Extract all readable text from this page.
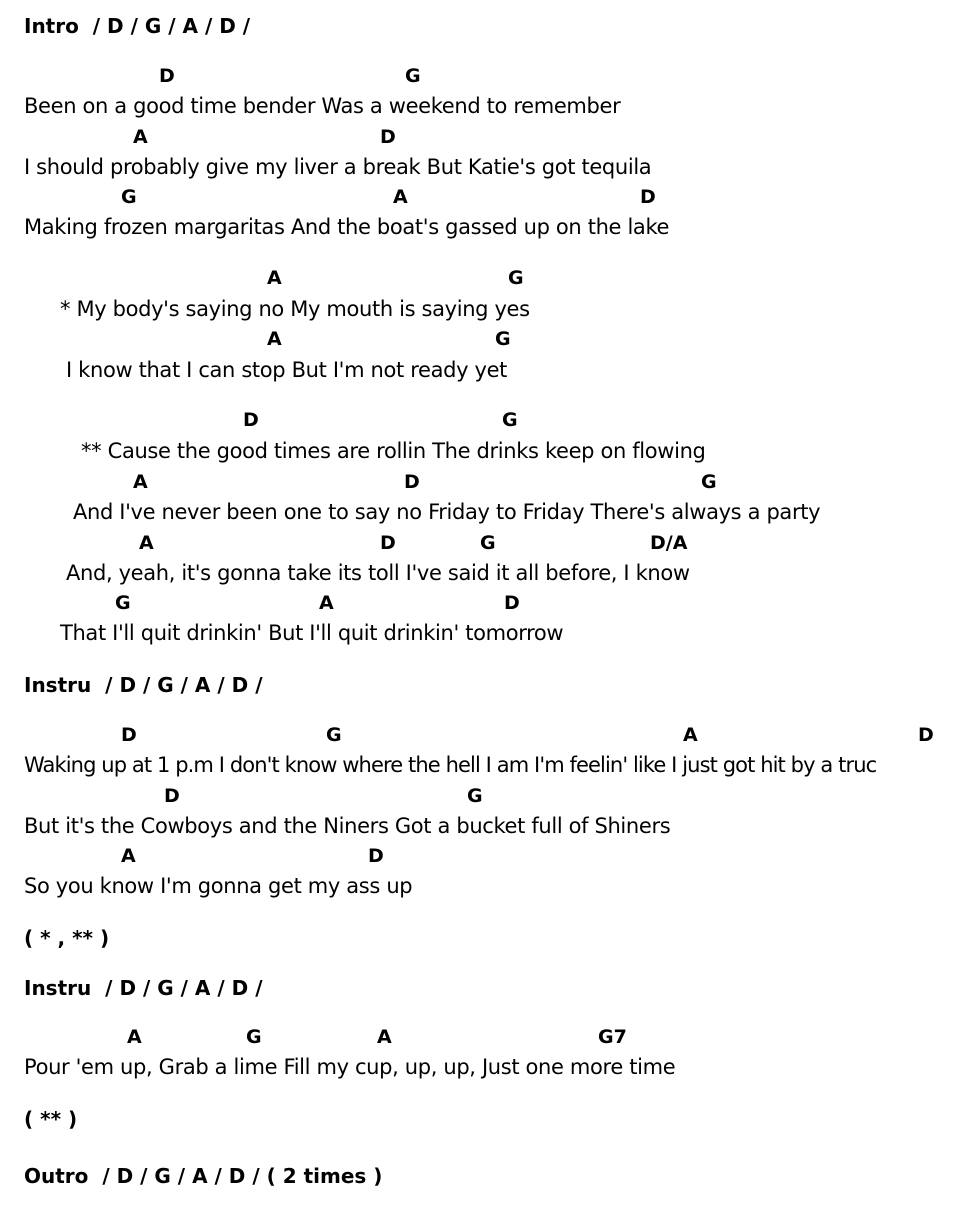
Intro  / D / G / A / D /
D	G
Been on a good time bender Was a weekend to remember
A	D
I should probably give my liver a break But Katie's got tequila
G	A	D
Making frozen margaritas And the boat's gassed up on the lake
A	G
* My body's saying no My mouth is saying yes
A	G
I know that I can stop But I'm not ready yet
D	G
** Cause the good times are rollin The drinks keep on flowing
A	D	G
And I've never been one to say no Friday to Friday There's always a party
A	D	G	D/A
And, yeah, it's gonna take its toll I've said it all before, I know
G	A	D
That I'll quit drinkin' But I'll quit drinkin' tomorrow
Instru  / D / G / A / D /
D	G	A	D
Waking up at 1 p.m I don't know where the hell I am I'm feelin' like I just got hit by a truc
D	G
But it's the Cowboys and the Niners Got a bucket full of Shiners
A	D
So you know I'm gonna get my ass up
( * , ** )
Instru  / D / G / A / D /
A	G	A	G7
Pour 'em up, Grab a lime Fill my cup, up, up, Just one more time
( ** )
Outro  / D / G / A / D / ( 2 times )
